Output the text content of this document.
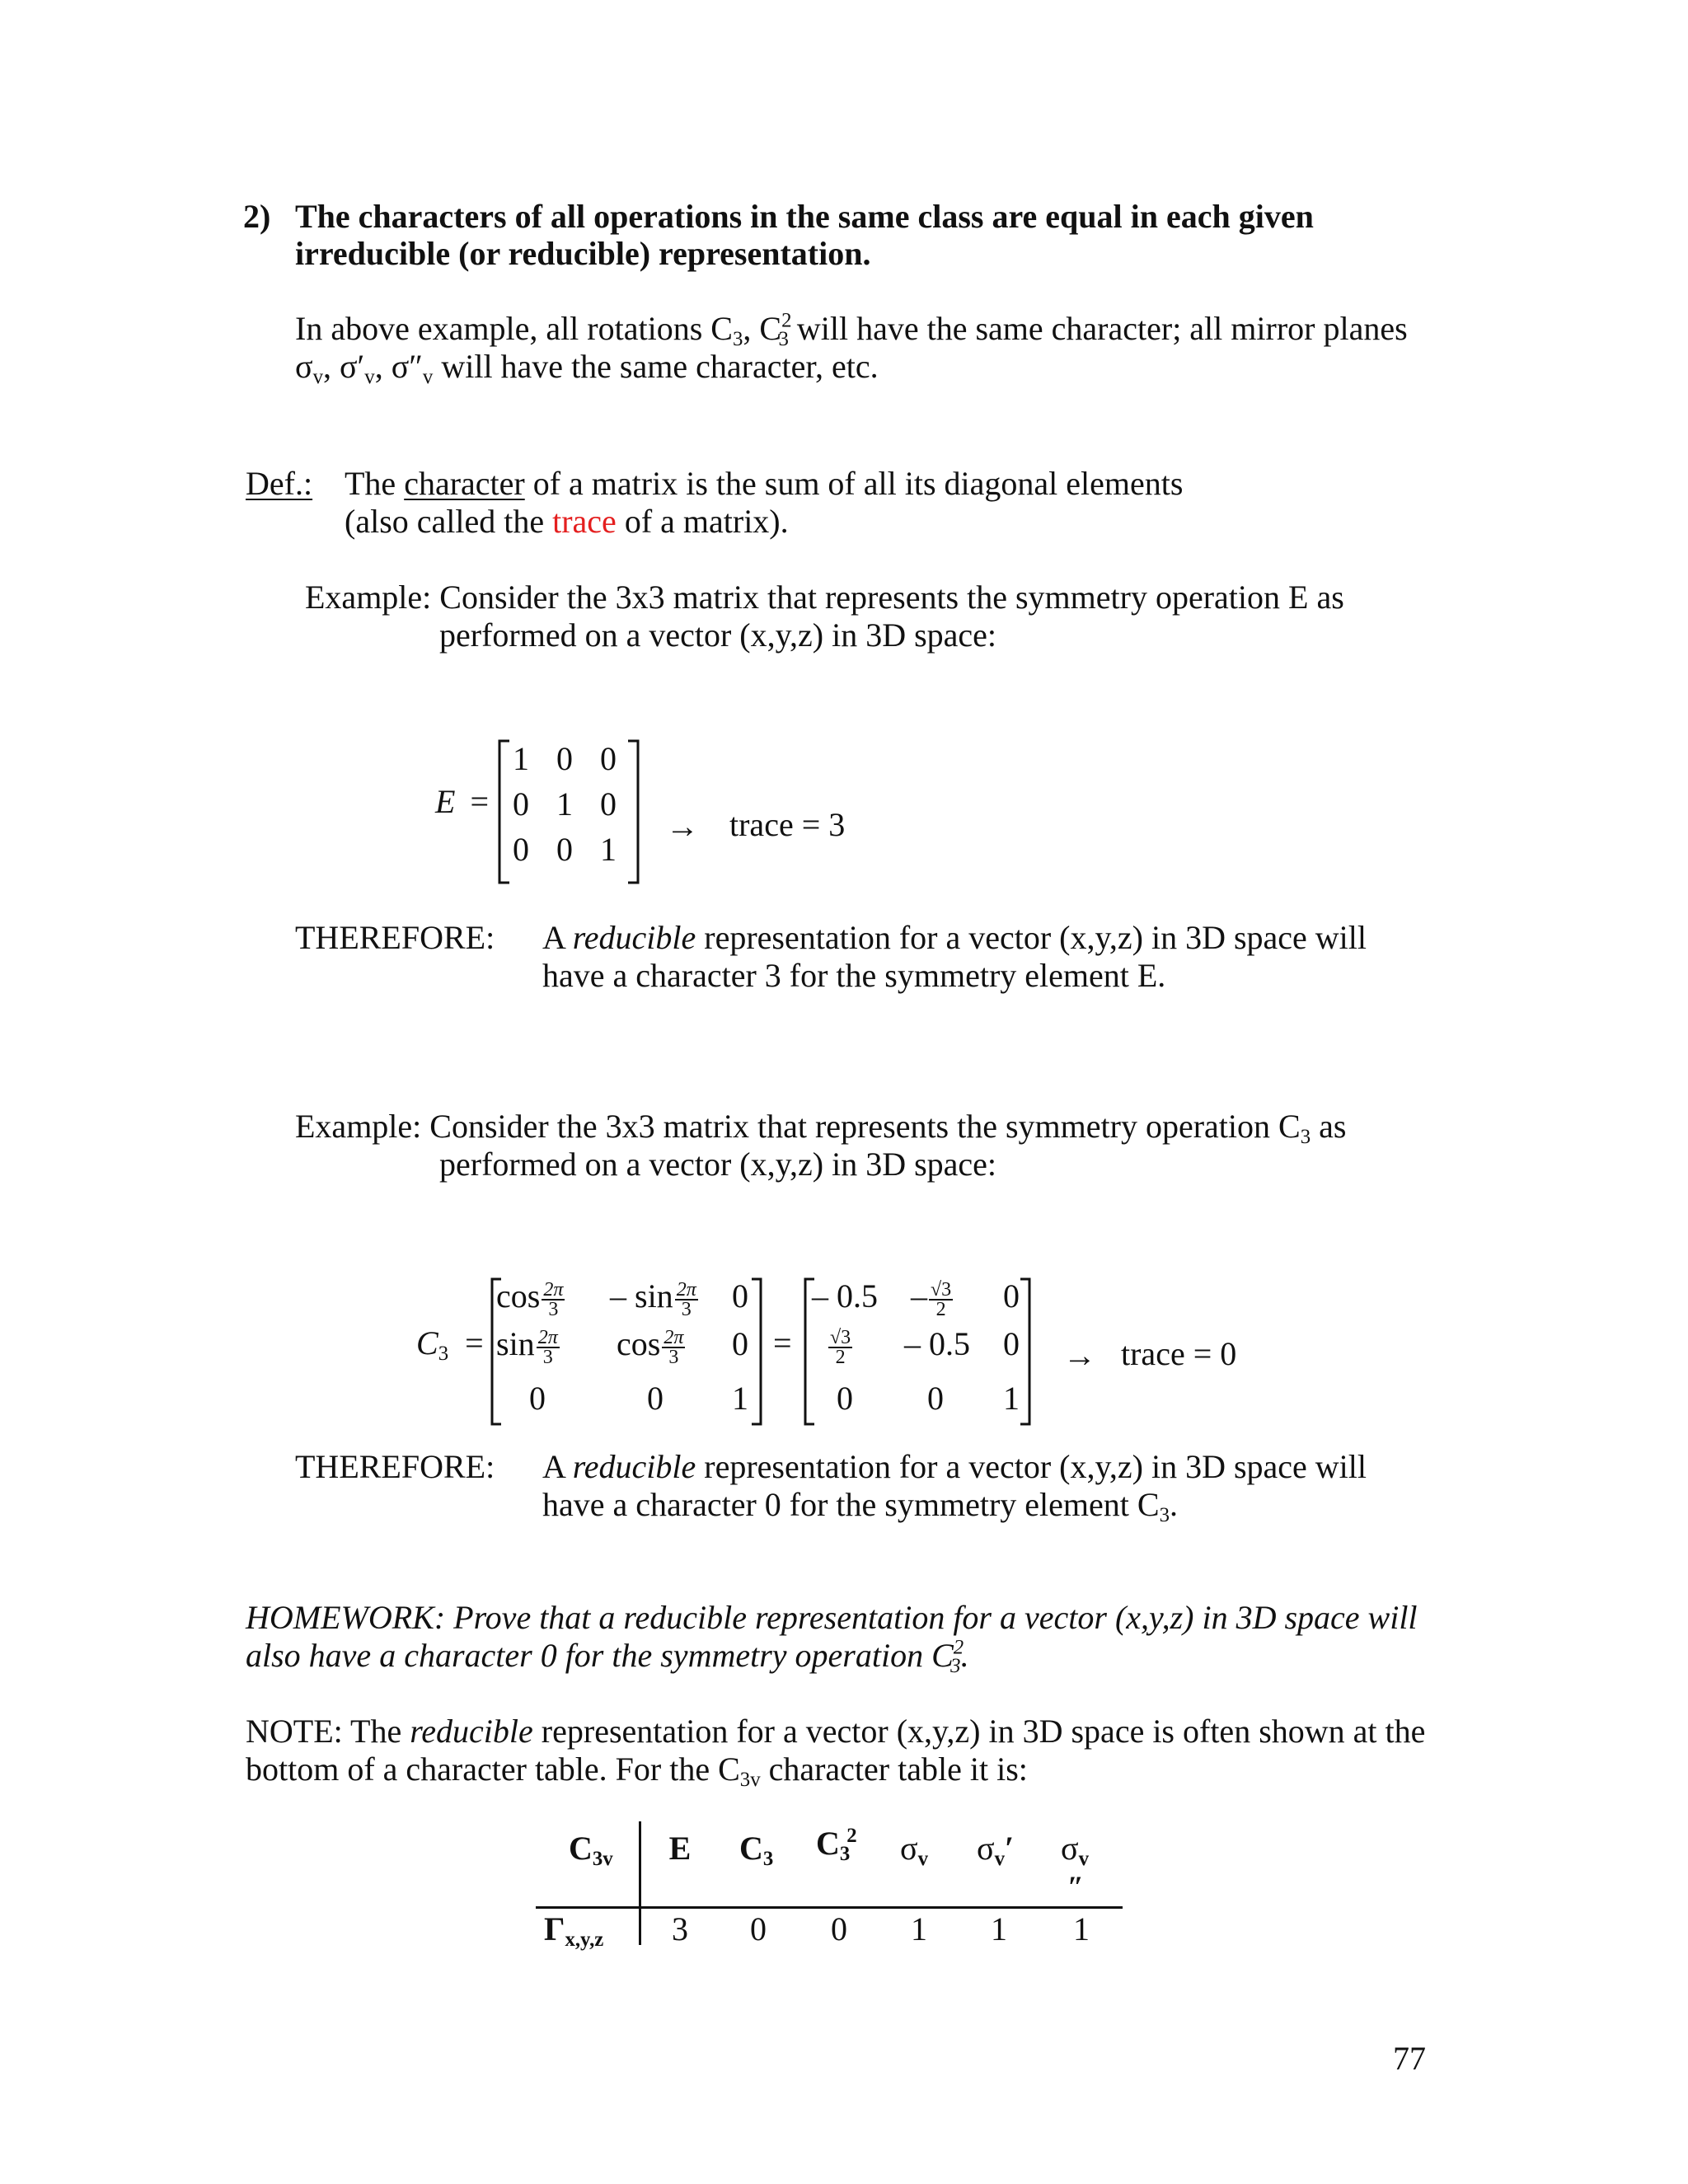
2) The characters of all operations in the same class are equal in each given
irreducible (or reducible) representation.
In above example, all rotations $C_3$, $C^2_3$ will have the same character; all mirror planes
$\sigma_v$, $\sigma'_v$, $\sigma''_v$ will have the same character, etc.
Def.: The character of a matrix is the sum of all its diagonal elements
(also called the trace of a matrix).
Example: Consider the 3x3 matrix that represents the symmetry operation E as
performed on a vector (x,y,z) in 3D space:
E =
1 0 0
0 1 0
0 0 1
→ trace = 3
THEREFORE: A reducible representation for a vector (x,y,z) in 3D space will
have a character 3 for the symmetry element E.
Example: Consider the 3x3 matrix that represents the symmetry operation $C_3$ as
performed on a vector (x,y,z) in 3D space:
$C_3$ =
$\cos \frac{2\pi}{3}$ – $\sin \frac{2\pi}{3} 0$
$\sin \frac{2\pi}{3}$ $\cos \frac{2\pi}{3} 0$
0	0 1
=
– $0.5 - \frac{√3}{2} 0$
$\frac{√3}{2} - 0.5$ 0
0 0 1
→ trace = 0
THEREFORE: A reducible representation for a vector (x,y,z) in 3D space will
have a character 0 for the symmetry element $C_3$.
HOMEWORK: Prove that a reducible representation for a vector (x,y,z) in 3D space will
also have a character 0 for the symmetry operation $C^2_3$.
NOTE: The reducible representation for a vector (x,y,z) in 3D space is often shown at the
bottom of a character table. For the $C_{3v}$ character table it is:
$C_{3v}$ E $C_3$ $C_3^2$ $\sigma_v$ $\sigma_v'$ $\sigma_v$
″
$\Gamma_{x,y,z}$ 3 0 0 1 1 1
77
